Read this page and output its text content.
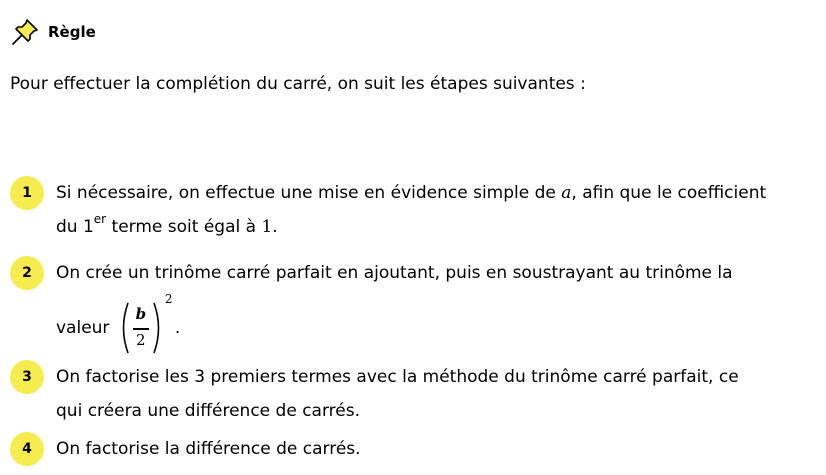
Règle
Pour effectuer la complétion du carré, on suit les étapes suivantes :
1	Si nécessaire, on effectue une mise en évidence simple de a, afin que le coefficient
du 1er terme soit égal à 1.
2	On crée un trinôme carré parfait en ajoutant, puis en soustrayant au trinôme la
valeur
b
2
2
.
3	On factorise les 3 premiers termes avec la méthode du trinôme carré parfait, ce
qui créera une différence de carrés.
4	On factorise la différence de carrés.
